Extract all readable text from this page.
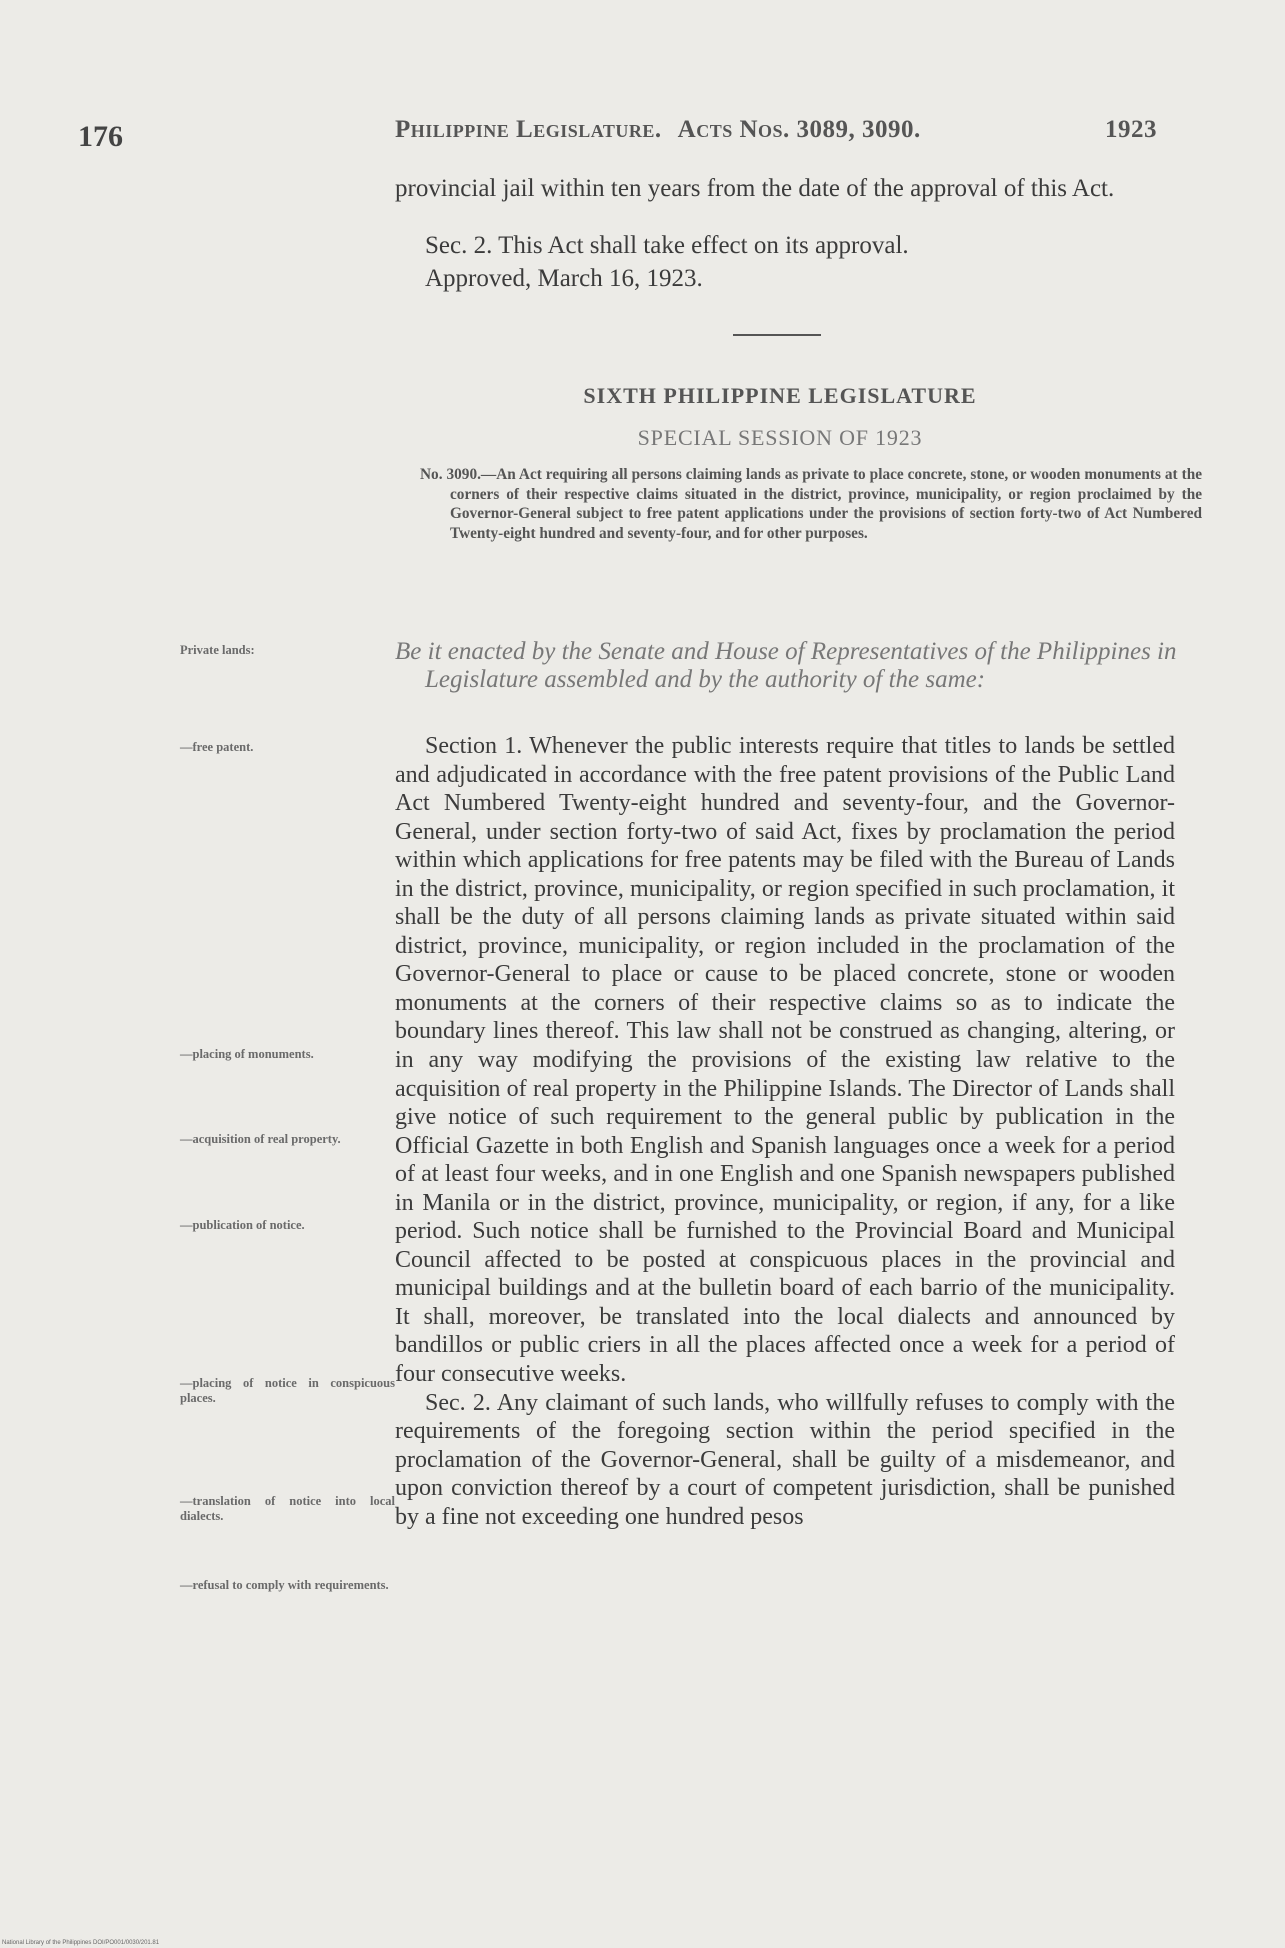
176	Philippine Legislature. Acts Nos. 3089, 3090.	1923
provincial jail within ten years from the date of the approval of this Act.
Sec. 2. This Act shall take effect on its approval.
Approved, March 16, 1923.
SIXTH PHILIPPINE LEGISLATURE
SPECIAL SESSION OF 1923
No. 3090.—An Act requiring all persons claiming lands as private to place concrete, stone, or wooden monuments at the corners of their respective claims situated in the district, province, municipality, or region proclaimed by the Governor-General subject to free patent applications under the provisions of section forty-two of Act Numbered Twenty-eight hundred and seventy-four, and for other purposes.
Be it enacted by the Senate and House of Representatives of the Philippines in Legislature assembled and by the authority of the same:

Section 1. Whenever the public interests require that titles to lands be settled and adjudicated in accordance with the free patent provisions of the Public Land Act Numbered Twenty-eight hundred and seventy-four, and the Governor-General, under section forty-two of said Act, fixes by proclamation the period within which applications for free patents may be filed with the Bureau of Lands in the district, province, municipality, or region specified in such proclamation, it shall be the duty of all persons claiming lands as private situated within said district, province, municipality, or region included in the proclamation of the Governor-General to place or cause to be placed concrete, stone or wooden monuments at the corners of their respective claims so as to indicate the boundary lines thereof. This law shall not be construed as changing, altering, or in any way modifying the provisions of the existing law relative to the acquisition of real property in the Philippine Islands. The Director of Lands shall give notice of such requirement to the general public by publication in the Official Gazette in both English and Spanish languages once a week for a period of at least four weeks, and in one English and one Spanish newspapers published in Manila or in the district, province, municipality, or region, if any, for a like period. Such notice shall be furnished to the Provincial Board and Municipal Council affected to be posted at conspicuous places in the provincial and municipal buildings and at the bulletin board of each barrio of the municipality. It shall, moreover, be translated into the local dialects and announced by bandillos or public criers in all the places affected once a week for a period of four consecutive weeks.

Sec. 2. Any claimant of such lands, who willfully refuses to comply with the requirements of the foregoing section within the period specified in the proclamation of the Governor-General, shall be guilty of a misdemeanor, and upon conviction thereof by a court of competent jurisdiction, shall be punished by a fine not exceeding one hundred pesos

Private lands:
—free patent.
—placing of monuments.
—acquisition of real property.
—publication of notice.
—placing of notice in conspicuous places.
—translation of notice into local dialects.
—refusal to comply with requirements.
National Library of the Philippines DOI/PO001/0030/201.81
